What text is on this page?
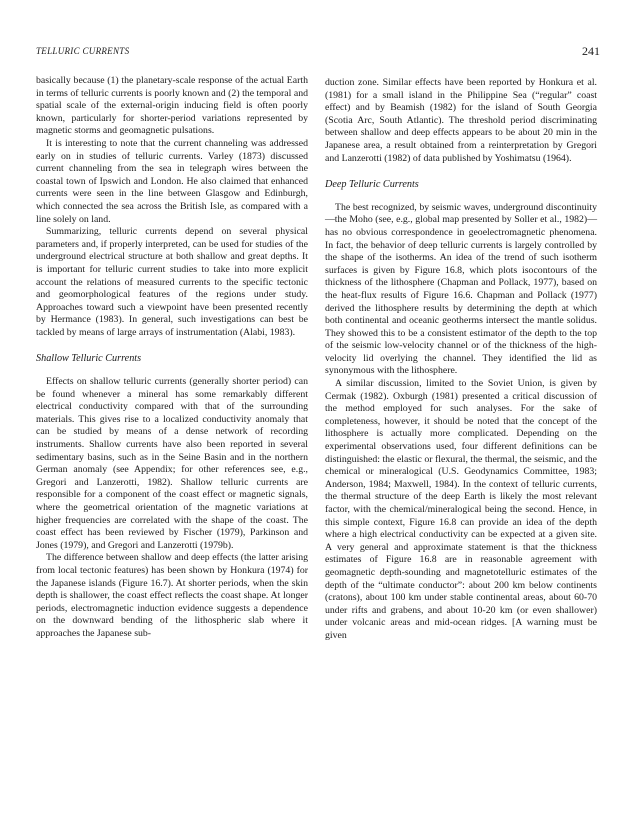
TELLURIC CURRENTS	241

basically because (1) the planetary-scale response of the actual Earth in terms of telluric currents is poorly known and (2) the temporal and spatial scale of the external-origin inducing field is often poorly known, particularly for shorter-period variations represented by magnetic storms and geomagnetic pulsations.

It is interesting to note that the current channeling was addressed early on in studies of telluric currents. Varley (1873) discussed current channeling from the sea in telegraph wires between the coastal town of Ipswich and London. He also claimed that enhanced currents were seen in the line between Glasgow and Edinburgh, which connected the sea across the British Isle, as compared with a line solely on land.

Summarizing, telluric currents depend on several physical parameters and, if properly interpreted, can be used for studies of the underground electrical structure at both shallow and great depths. It is important for telluric current studies to take into more explicit account the relations of measured currents to the specific tectonic and geomorphological features of the regions under study. Approaches toward such a viewpoint have been presented recently by Hermance (1983). In general, such investigations can best be tackled by means of large arrays of instrumentation (Alabi, 1983).

Shallow Telluric Currents

Effects on shallow telluric currents (generally shorter period) can be found whenever a mineral has some remarkably different electrical conductivity compared with that of the surrounding materials. This gives rise to a localized conductivity anomaly that can be studied by means of a dense network of recording instruments. Shallow currents have also been reported in several sedimentary basins, such as in the Seine Basin and in the northern German anomaly (see Appendix; for other references see, e.g., Gregori and Lanzerotti, 1982). Shallow telluric currents are responsible for a component of the coast effect or magnetic signals, where the geometrical orientation of the magnetic variations at higher frequencies are correlated with the shape of the coast. The coast effect has been reviewed by Fischer (1979), Parkinson and Jones (1979), and Gregori and Lanzerotti (1979b).

The difference between shallow and deep effects (the latter arising from local tectonic features) has been shown by Honkura (1974) for the Japanese islands (Figure 16.7). At shorter periods, when the skin depth is shallower, the coast effect reflects the coast shape. At longer periods, electromagnetic induction evidence suggests a dependence on the downward bending of the lithospheric slab where it approaches the Japanese sub-

duction zone. Similar effects have been reported by Honkura et al. (1981) for a small island in the Philippine Sea (“regular” coast effect) and by Beamish (1982) for the island of South Georgia (Scotia Arc, South Atlantic). The threshold period discriminating between shallow and deep effects appears to be about 20 min in the Japanese area, a result obtained from a reinterpretation by Gregori and Lanzerotti (1982) of data published by Yoshimatsu (1964).

Deep Telluric Currents

The best recognized, by seismic waves, underground discontinuity—the Moho (see, e.g., global map presented by Soller et al., 1982)—has no obvious correspondence in geoelectromagnetic phenomena. In fact, the behavior of deep telluric currents is largely controlled by the shape of the isotherms. An idea of the trend of such isotherm surfaces is given by Figure 16.8, which plots isocontours of the thickness of the lithosphere (Chapman and Pollack, 1977), based on the heat-flux results of Figure 16.6. Chapman and Pollack (1977) derived the lithosphere results by determining the depth at which both continental and oceanic geotherms intersect the mantle solidus. They showed this to be a consistent estimator of the depth to the top of the seismic low-velocity channel or of the thickness of the high-velocity lid overlying the channel. They identified the lid as synonymous with the lithosphere.

A similar discussion, limited to the Soviet Union, is given by Cermak (1982). Oxburgh (1981) presented a critical discussion of the method employed for such analyses. For the sake of completeness, however, it should be noted that the concept of the lithosphere is actually more complicated. Depending on the experimental observations used, four different definitions can be distinguished: the elastic or flexural, the thermal, the seismic, and the chemical or mineralogical (U.S. Geodynamics Committee, 1983; Anderson, 1984; Maxwell, 1984). In the context of telluric currents, the thermal structure of the deep Earth is likely the most relevant factor, with the chemical/mineralogical being the second. Hence, in this simple context, Figure 16.8 can provide an idea of the depth where a high electrical conductivity can be expected at a given site. A very general and approximate statement is that the thickness estimates of Figure 16.8 are in reasonable agreement with geomagnetic depth-sounding and magnetotelluric estimates of the depth of the “ultimate conductor”: about 200 km below continents (cratons), about 100 km under stable continental areas, about 60-70 under rifts and grabens, and about 10-20 km (or even shallower) under volcanic areas and mid-ocean ridges. [A warning must be given
